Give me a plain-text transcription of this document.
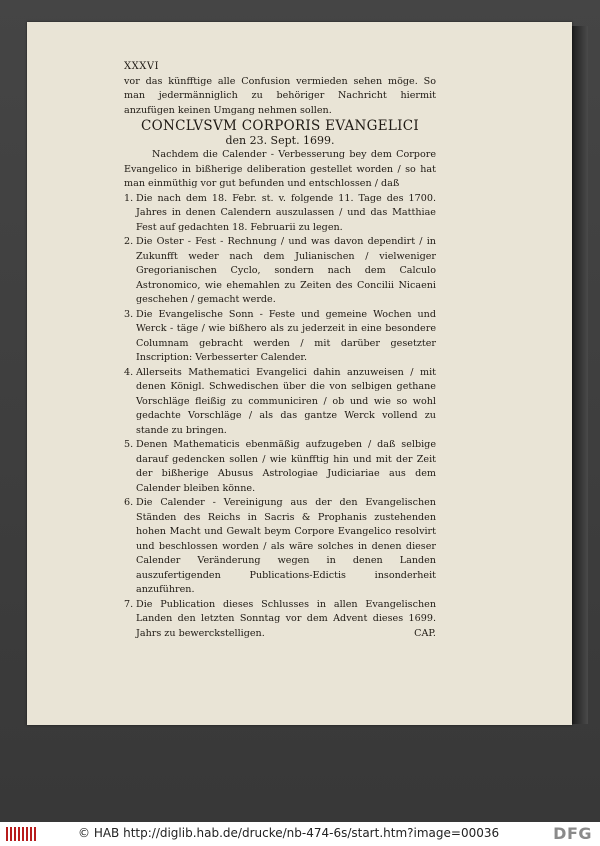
XXXVI
vor das künfftige alle Confusion vermieden sehen möge. So man jedermänniglich zu behöriger Nachricht hiermit anzufügen keinen Umgang nehmen sollen.
CONCLVSVM CORPORIS EVANGELICI
den 23. Sept. 1699.
Nachdem die Calender - Verbesserung bey dem Corpore Evangelico in bißherige deliberation gestellet worden / so hat man einmüthig vor gut befunden und entschlossen / daß
1. Die nach dem 18. Febr. st. v. folgende 11. Tage des 1700. Jahres in denen Calendern auszulassen / und das Matthiae Fest auf gedachten 18. Februarii zu legen.
2. Die Oster - Fest - Rechnung / und was davon dependirt / in Zukunfft weder nach dem Julianischen / vielweniger Gregorianischen Cyclo, sondern nach dem Calculo Astronomico, wie ehemahlen zu Zeiten des Concilii Nicaeni geschehen / gemacht werde.
3. Die Evangelische Sonn - Feste und gemeine Wochen und Werck - täge / wie bißhero als zu jederzeit in eine besondere Columnam gebracht werden / mit darüber gesetzter Inscription: Verbesserter Calender.
4. Allerseits Mathematici Evangelici dahin anzuweisen / mit denen Königl. Schwedischen über die von selbigen gethane Vorschläge fleißig zu communiciren / ob und wie so wohl gedachte Vorschläge / als das gantze Werck vollend zu stande zu bringen.
5. Denen Mathematicis ebenmäßig aufzugeben / daß selbige darauf gedencken sollen / wie künfftig hin und mit der Zeit der bißherige Abusus Astrologiae Judiciariae aus dem Calender bleiben könne.
6. Die Calender - Vereinigung aus der den Evangelischen Ständen des Reichs in Sacris & Prophanis zustehenden hohen Macht und Gewalt beym Corpore Evangelico resolvirt und beschlossen worden / als wäre solches in denen dieser Calender Veränderung wegen in denen Landen auszufertigenden Publications-Edictis insonderheit anzuführen.
7. Die Publication dieses Schlusses in allen Evangelischen Landen den letzten Sonntag vor dem Advent dieses 1699. Jahrs zu bewerckstelligen.	CAP.
© HAB http://diglib.hab.de/drucke/nb-474-6s/start.htm?image=00036	DFG
